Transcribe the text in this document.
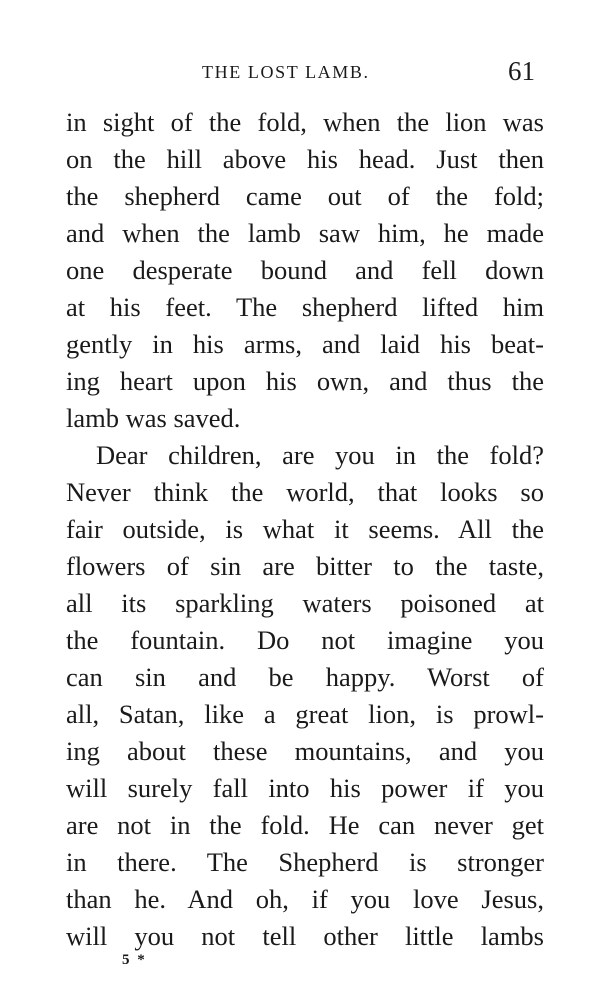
THE LOST LAMB.	61
in sight of the fold, when the lion was
on the hill above his head. Just then
the shepherd came out of the fold;
and when the lamb saw him, he made
one desperate bound and fell down
at his feet. The shepherd lifted him
gently in his arms, and laid his beat-
ing heart upon his own, and thus the
lamb was saved.
Dear children, are you in the fold?
Never think the world, that looks so
fair outside, is what it seems. All the
flowers of sin are bitter to the taste,
all its sparkling waters poisoned at
the fountain. Do not imagine you
can sin and be happy. Worst of
all, Satan, like a great lion, is prowl-
ing about these mountains, and you
will surely fall into his power if you
are not in the fold. He can never get
in there. The Shepherd is stronger
than he. And oh, if you love Jesus,
will you not tell other little lambs
5 *
